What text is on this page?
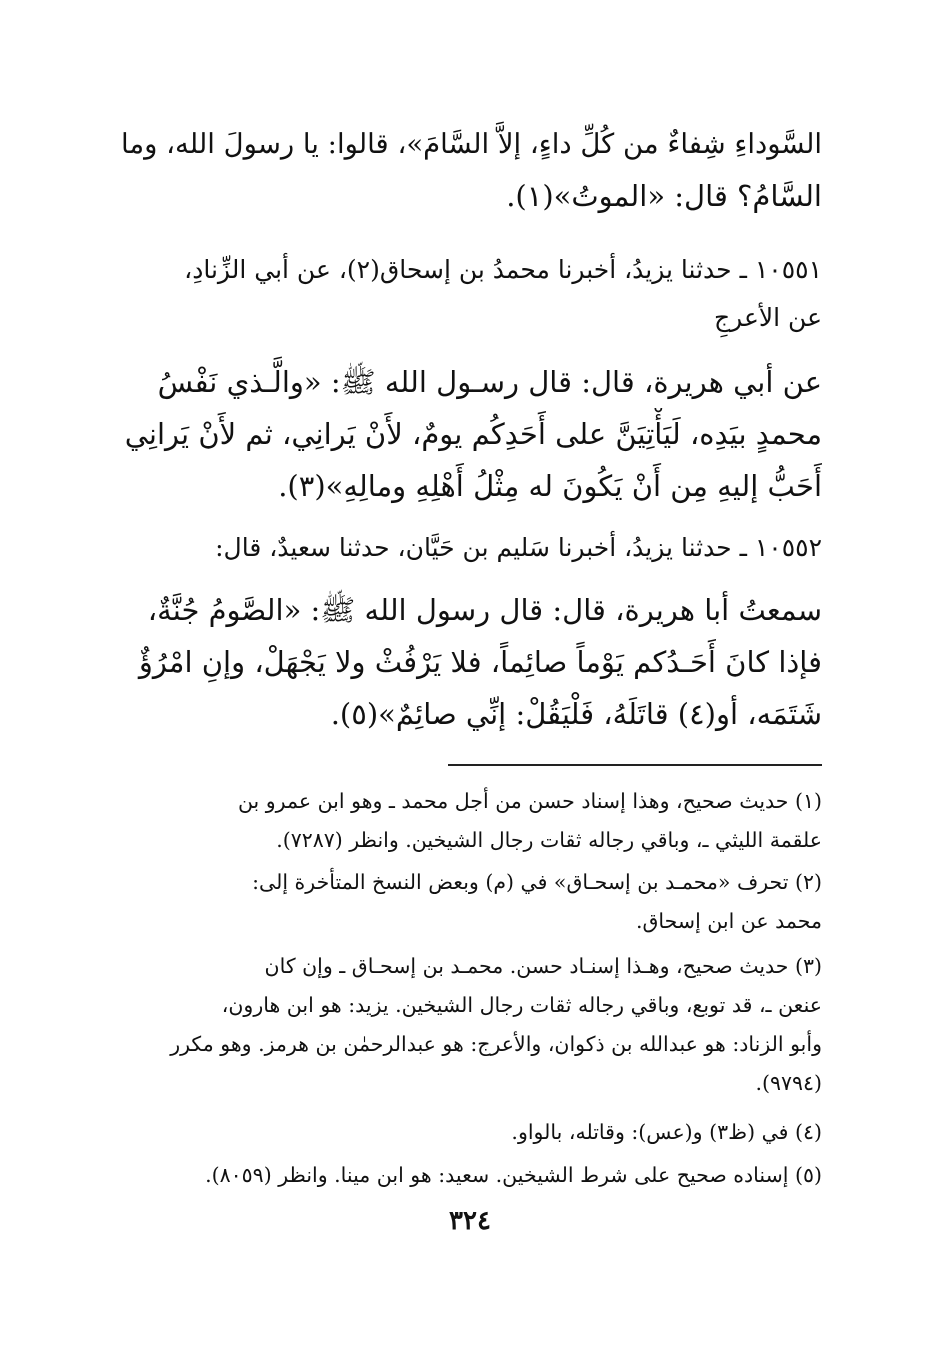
السَّوداءِ شِفاءٌ من كُلِّ داءٍ، إلاَّ السَّامَ»، قالوا: يا رسولَ الله، وما
السَّامُ؟ قال: «الموتُ»(١).
١٠٥٥١ ـ حدثنا يزيدُ، أخبرنا محمدُ بن إسحاق(٢)، عن أبي الزِّنادِ،
عن الأعرجِ
عن أبي هريرة، قال: قال رسـول الله ﷺ: «والَّـذي نَفْسُ
محمدٍ بيَدِه، لَيَأْتِيَنَّ على أَحَدِكُم يومٌ، لأَنْ يَرانِي، ثم لأَنْ يَرانِي
أَحَبُّ إليهِ مِن أَنْ يَكُونَ له مِثْلُ أَهْلِهِ ومالِهِ»(٣).
١٠٥٥٢ ـ حدثنا يزيدُ، أخبرنا سَليم بن حَيَّان، حدثنا سعيدٌ، قال:
سمعتُ أبا هريرة، قال: قال رسول الله ﷺ: «الصَّومُ جُنَّةٌ،
فإذا كانَ أَحَـدُكم يَوْماً صائِماً، فلا يَرْفُثْ ولا يَجْهَلْ، وإنِ امْرُؤٌ
شَتَمَه، أو(٤) قاتَلَهُ، فَلْيَقُلْ: إنِّي صائِمٌ»(٥).
(١) حديث صحيح، وهذا إسناد حسن من أجل محمد ـ وهو ابن عمرو بن
علقمة الليثي ـ، وباقي رجاله ثقات رجال الشيخين. وانظر (٧٢٨٧).
(٢) تحرف «محمـد بن إسحـاق» في (م) وبعض النسخ المتأخرة إلى:
محمد عن ابن إسحاق.
(٣) حديث صحيح، وهـذا إسنـاد حسن. محمـد بن إسحـاق ـ وإن كان
عنعن ـ، قد توبع، وباقي رجاله ثقات رجال الشيخين. يزيد: هو ابن هارون،
وأبو الزناد: هو عبدالله بن ذكوان، والأعرج: هو عبدالرحمٰن بن هرمز. وهو مكرر
(٩٧٩٤).
(٤) في (ظ٣) و(عس): وقاتله، بالواو.
(٥) إسناده صحيح على شرط الشيخين. سعيد: هو ابن مينا. وانظر (٨٠٥٩).
٣٢٤
